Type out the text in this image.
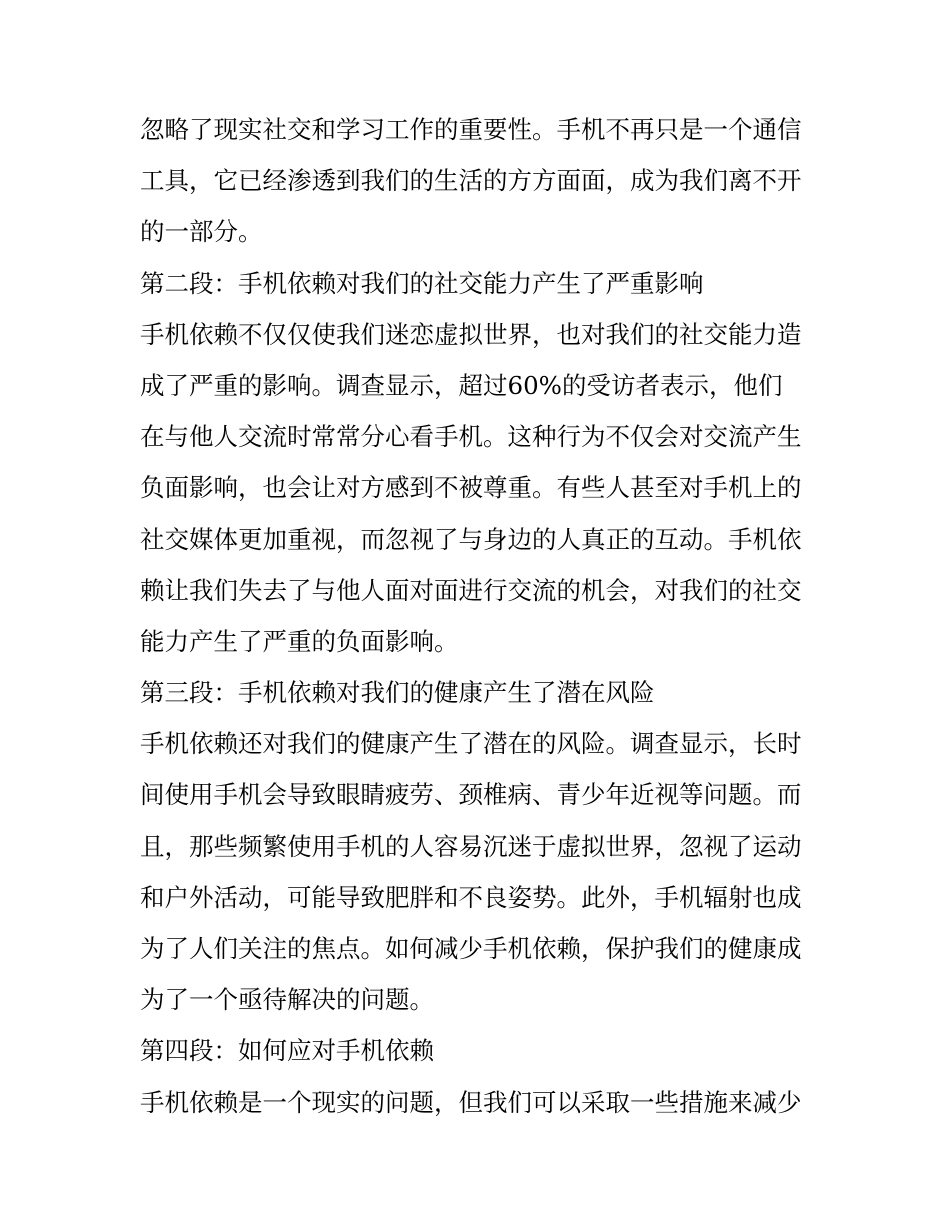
忽略了现实社交和学习工作的重要性。手机不再只是一个通信
工具，它已经渗透到我们的生活的方方面面，成为我们离不开
的一部分。
第二段：手机依赖对我们的社交能力产生了严重影响
手机依赖不仅仅使我们迷恋虚拟世界，也对我们的社交能力造
成了严重的影响。调查显示，超过60%的受访者表示，他们
在与他人交流时常常分心看手机。这种行为不仅会对交流产生
负面影响，也会让对方感到不被尊重。有些人甚至对手机上的
社交媒体更加重视，而忽视了与身边的人真正的互动。手机依
赖让我们失去了与他人面对面进行交流的机会，对我们的社交
能力产生了严重的负面影响。
第三段：手机依赖对我们的健康产生了潜在风险
手机依赖还对我们的健康产生了潜在的风险。调查显示，长时
间使用手机会导致眼睛疲劳、颈椎病、青少年近视等问题。而
且，那些频繁使用手机的人容易沉迷于虚拟世界，忽视了运动
和户外活动，可能导致肥胖和不良姿势。此外，手机辐射也成
为了人们关注的焦点。如何减少手机依赖，保护我们的健康成
为了一个亟待解决的问题。
第四段：如何应对手机依赖
手机依赖是一个现实的问题，但我们可以采取一些措施来减少
